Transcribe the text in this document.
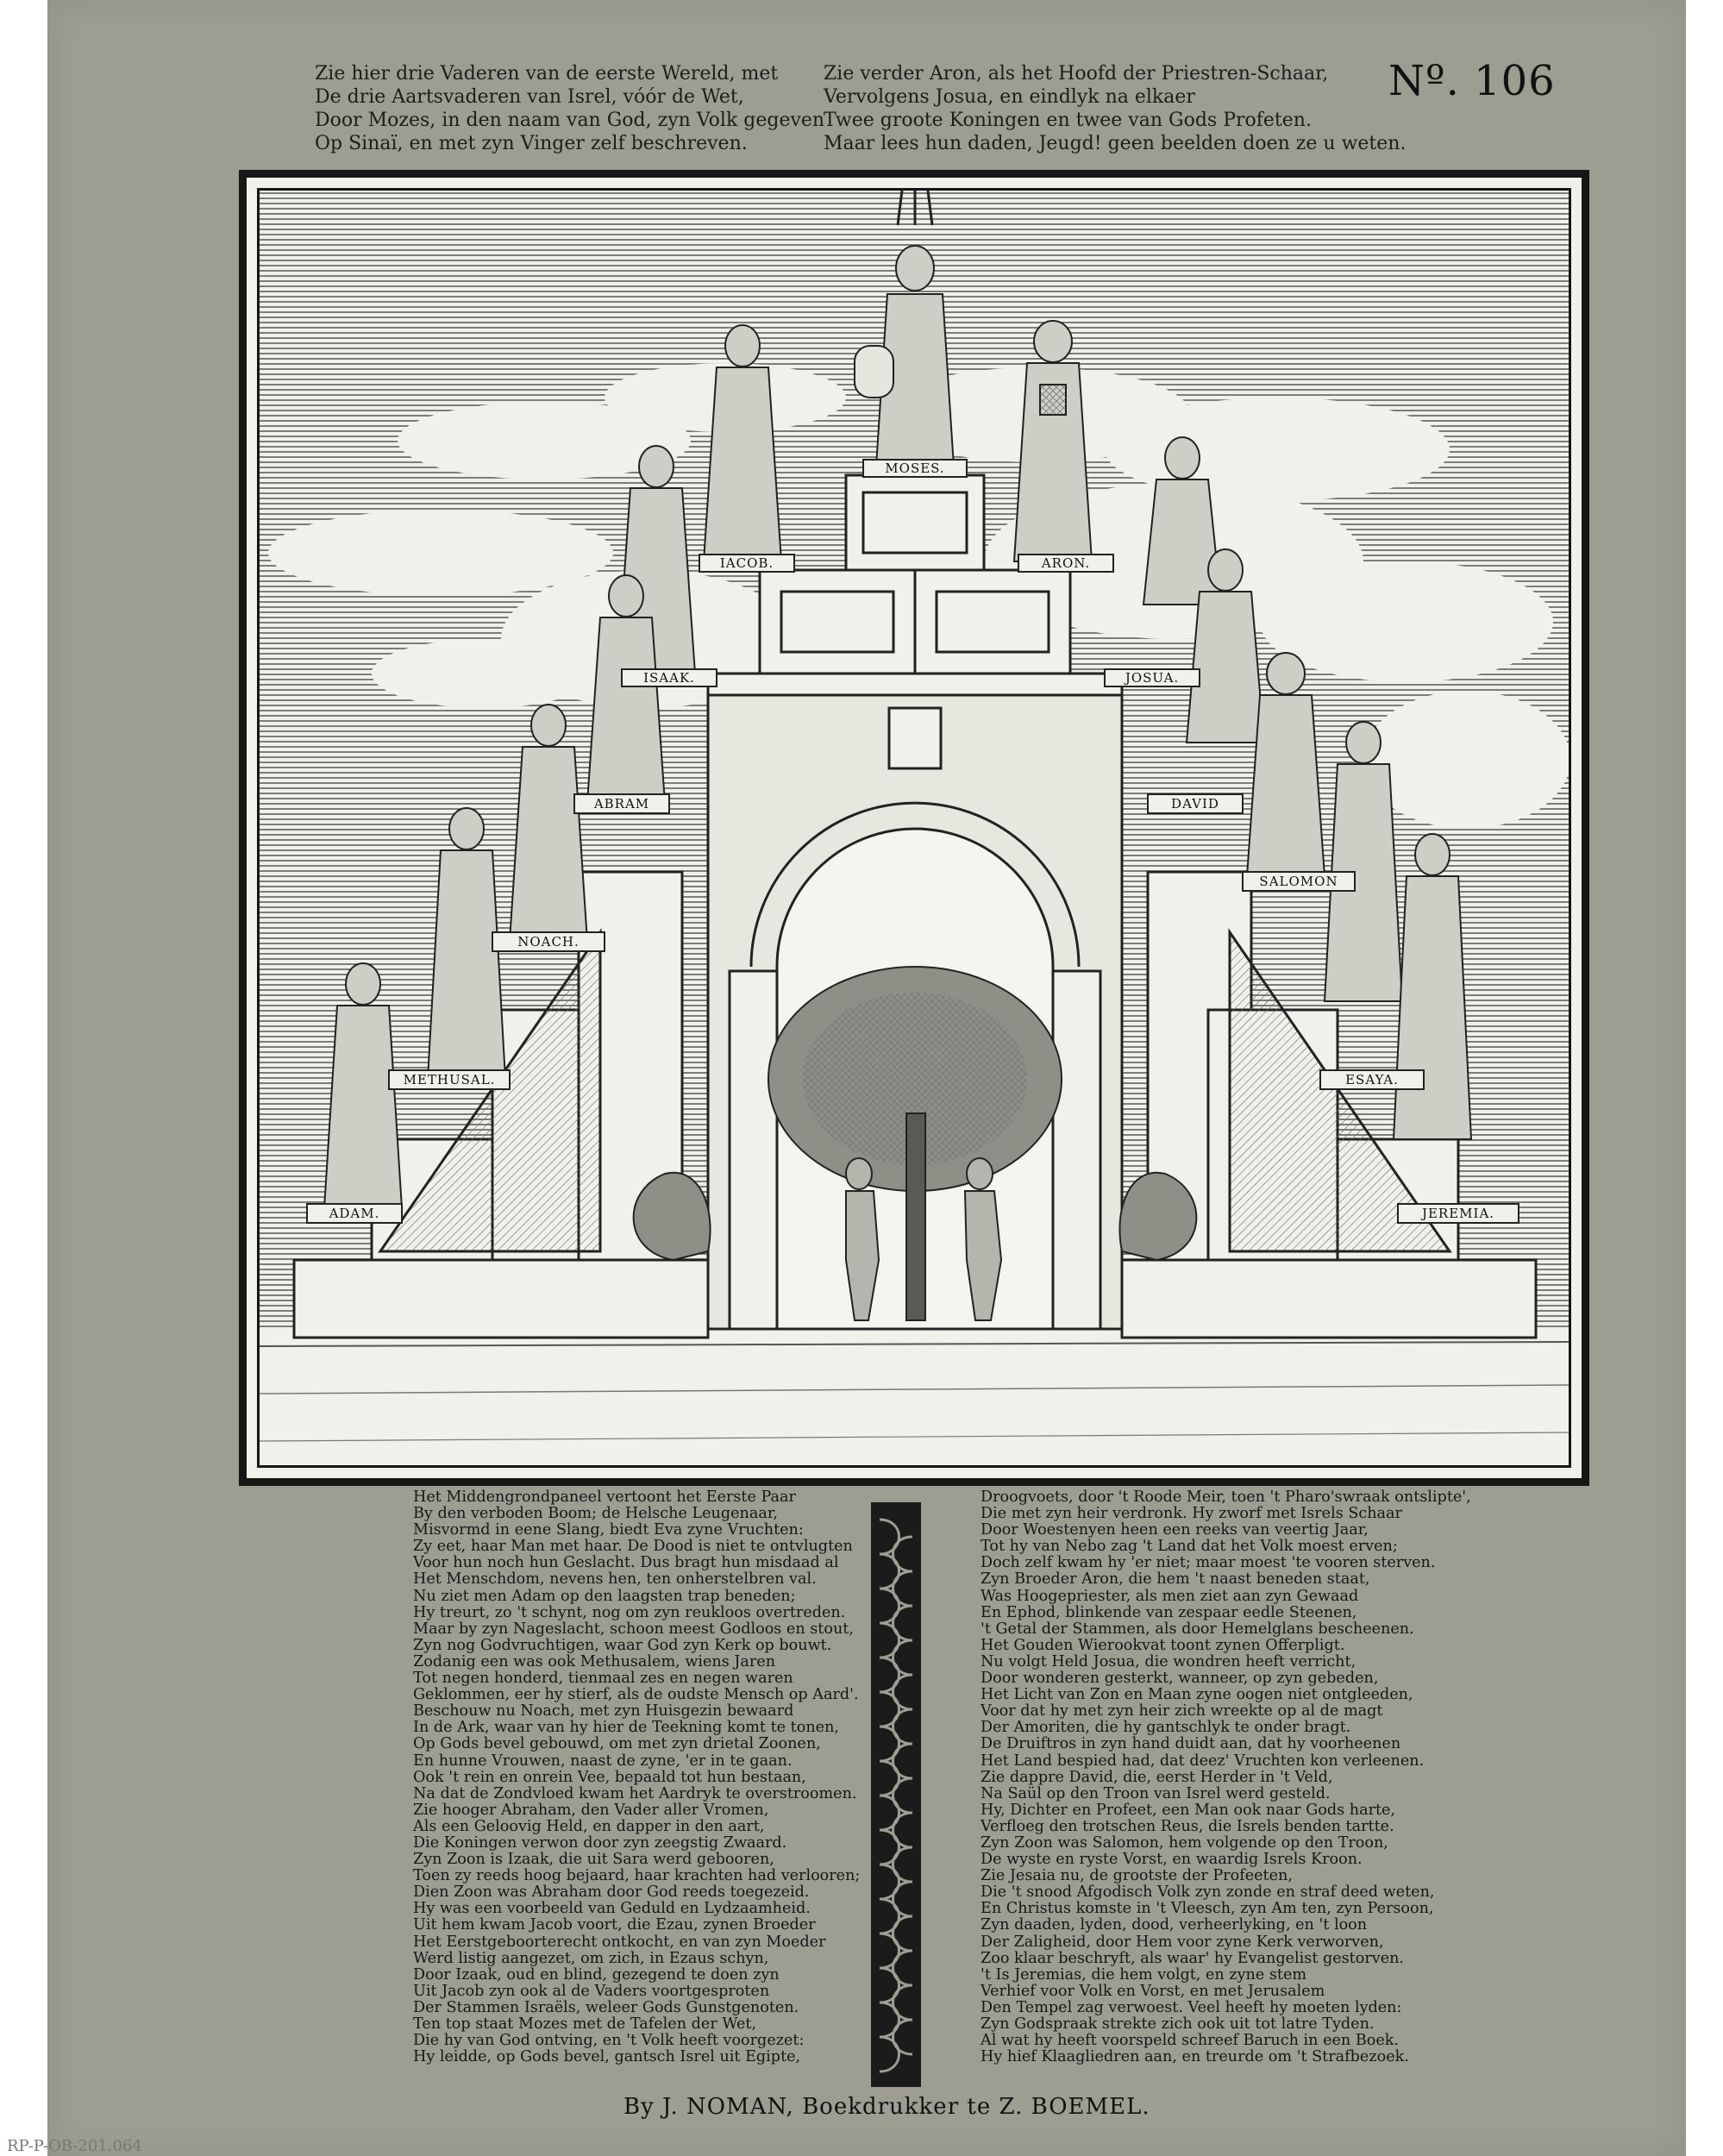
Zie hier drie Vaderen van de eerste Wereld, met

De drie Aartsvaderen van Isrel, vóór de Wet,

Door Mozes, in den naam van God, zyn Volk gegeven

Op Sinaï, en met zyn Vinger zelf beschreven.

Zie verder Aron, als het Hoofd der Priestren-Schaar,

Vervolgens Josua, en eindlyk na elkaer

Twee groote Koningen en twee van Gods Profeten.

Maar lees hun daden, Jeugd! geen beelden doen ze u weten.

Nº. 106
MOSES.
IACOB.	ARON.
ISAAK.	JOSUA.
ABRAM	DAVID
NOACH.
SALOMON
METHUSAL.	ESAYA.
ADAM.	JEREMIA.

Het Middengrondpaneel vertoont het Eerste Paar

By den verboden Boom; de Helsche Leugenaar,

Misvormd in eene Slang, biedt Eva zyne Vruchten:

Zy eet, haar Man met haar. De Dood is niet te ontvlugten

Voor hun noch hun Geslacht. Dus bragt hun misdaad al

Het Menschdom, nevens hen, ten onherstelbren val.

Nu ziet men Adam op den laagsten trap beneden;

Hy treurt, zo 't schynt, nog om zyn reukloos overtreden.

Maar by zyn Nageslacht, schoon meest Godloos en stout,

Zyn nog Godvruchtigen, waar God zyn Kerk op bouwt.

Zodanig een was ook Methusalem, wiens Jaren

Tot negen honderd, tienmaal zes en negen waren

Geklommen, eer hy stierf, als de oudste Mensch op Aard'.

Beschouw nu Noach, met zyn Huisgezin bewaard

In de Ark, waar van hy hier de Teekning komt te tonen,

Op Gods bevel gebouwd, om met zyn drietal Zoonen,

En hunne Vrouwen, naast de zyne, 'er in te gaan.

Ook 't rein en onrein Vee, bepaald tot hun bestaan,

Na dat de Zondvloed kwam het Aardryk te overstroomen.

Zie hooger Abraham, den Vader aller Vromen,

Als een Geloovig Held, en dapper in den aart,

Die Koningen verwon door zyn zeegstig Zwaard.

Zyn Zoon is Izaak, die uit Sara werd gebooren,

Toen zy reeds hoog bejaard, haar krachten had verlooren;

Dien Zoon was Abraham door God reeds toegezeid.

Hy was een voorbeeld van Geduld en Lydzaamheid.

Uit hem kwam Jacob voort, die Ezau, zynen Broeder

Het Eerstgeboorterecht ontkocht, en van zyn Moeder

Werd listig aangezet, om zich, in Ezaus schyn,

Door Izaak, oud en blind, gezegend te doen zyn

Uit Jacob zyn ook al de Vaders voortgesproten

Der Stammen Israëls, weleer Gods Gunstgenoten.

Ten top staat Mozes met de Tafelen der Wet,

Die hy van God ontving, en 't Volk heeft voorgezet:

Hy leidde, op Gods bevel, gantsch Isrel uit Egipte,

Droogvoets, door 't Roode Meir, toen 't Pharo'swraak ontslipte',

Die met zyn heir verdronk. Hy zworf met Isrels Schaar

Door Woestenyen heen een reeks van veertig Jaar,

Tot hy van Nebo zag 't Land dat het Volk moest erven;

Doch zelf kwam hy 'er niet; maar moest 'te vooren sterven.

Zyn Broeder Aron, die hem 't naast beneden staat,

Was Hoogepriester, als men ziet aan zyn Gewaad

En Ephod, blinkende van zespaar eedle Steenen,

't Getal der Stammen, als door Hemelglans bescheenen.

Het Gouden Wierookvat toont zynen Offerpligt.

Nu volgt Held Josua, die wondren heeft verricht,

Door wonderen gesterkt, wanneer, op zyn gebeden,

Het Licht van Zon en Maan zyne oogen niet ontgleeden,

Voor dat hy met zyn heir zich wreekte op al de magt

Der Amoriten, die hy gantschlyk te onder bragt.

De Druiftros in zyn hand duidt aan, dat hy voorheenen

Het Land bespied had, dat deez' Vruchten kon verleenen.

Zie dappre David, die, eerst Herder in 't Veld,

Na Saül op den Troon van Isrel werd gesteld.

Hy, Dichter en Profeet, een Man ook naar Gods harte,

Verfloeg den trotschen Reus, die Isrels benden tartte.

Zyn Zoon was Salomon, hem volgende op den Troon,

De wyste en ryste Vorst, en waardig Isrels Kroon.

Zie Jesaia nu, de grootste der Profeeten,

Die 't snood Afgodisch Volk zyn zonde en straf deed weten,

En Christus komste in 't Vleesch, zyn Am ten, zyn Persoon,

Zyn daaden, lyden, dood, verheerlyking, en 't loon

Der Zaligheid, door Hem voor zyne Kerk verworven,

Zoo klaar beschryft, als waar' hy Evangelist gestorven.

't Is Jeremias, die hem volgt, en zyne stem

Verhief voor Volk en Vorst, en met Jerusalem

Den Tempel zag verwoest. Veel heeft hy moeten lyden:

Zyn Godspraak strekte zich ook uit tot latre Tyden.

Al wat hy heeft voorspeld schreef Baruch in een Boek.

Hy hief Klaagliedren aan, en treurde om 't Strafbezoek.

By J. NOMAN, Boekdrukker te Z. BOEMEL.
RP-P-OB-201.064
